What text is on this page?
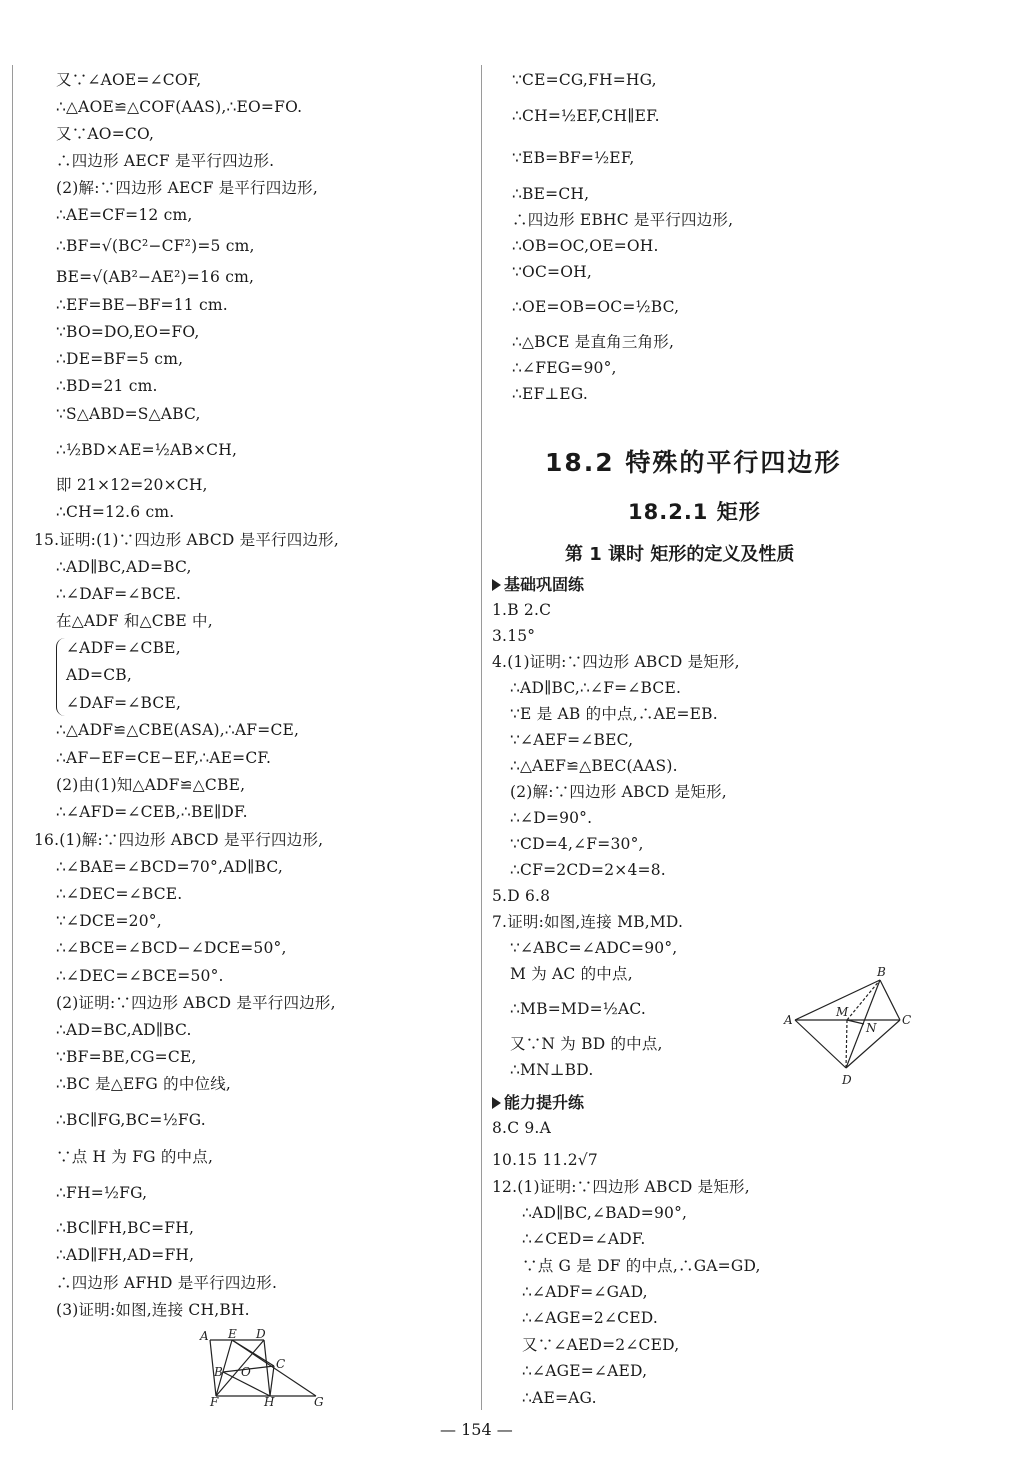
又∵∠AOE=∠COF,
∴△AOE≌△COF(AAS),∴EO=FO.
又∵AO=CO,
∴四边形 AECF 是平行四边形.
(2)解:∵四边形 AECF 是平行四边形,
∴AE=CF=12 cm,
∴BF=√(BC²−CF²)=5 cm,
BE=√(AB²−AE²)=16 cm,
∴EF=BE−BF=11 cm.
∵BO=DO,EO=FO,
∴DE=BF=5 cm,
∴BD=21 cm.
∵S△ABD=S△ABC,
∴½BD×AE=½AB×CH,
即 21×12=20×CH,
∴CH=12.6 cm.
15.证明:(1)∵四边形 ABCD 是平行四边形,
∴AD∥BC,AD=BC,
∴∠DAF=∠BCE.
在△ADF 和△CBE 中,
∠ADF=∠CBE,
AD=CB,
∠DAF=∠BCE,
∴△ADF≌△CBE(ASA),∴AF=CE,
∴AF−EF=CE−EF,∴AE=CF.
(2)由(1)知△ADF≌△CBE,
∴∠AFD=∠CEB,∴BE∥DF.
16.(1)解:∵四边形 ABCD 是平行四边形,
∴∠BAE=∠BCD=70°,AD∥BC,
∴∠DEC=∠BCE.
∵∠DCE=20°,
∴∠BCE=∠BCD−∠DCE=50°,
∴∠DEC=∠BCE=50°.
(2)证明:∵四边形 ABCD 是平行四边形,
∴AD=BC,AD∥BC.
∵BF=BE,CG=CE,
∴BC 是△EFG 的中位线,
∴BC∥FG,BC=½FG.
∵点 H 为 FG 的中点,
∴FH=½FG,
∴BC∥FH,BC=FH,
∴AD∥FH,AD=FH,
∴四边形 AFHD 是平行四边形.
(3)证明:如图,连接 CH,BH.
A E D
C
B O
F	H	G
∵CE=CG,FH=HG,
∴CH=½EF,CH∥EF.
∵EB=BF=½EF,
∴BE=CH,
∴四边形 EBHC 是平行四边形,
∴OB=OC,OE=OH.
∵OC=OH,
∴OE=OB=OC=½BC,
∴△BCE 是直角三角形,
∴∠FEG=90°,
∴EF⊥EG.
18.2 特殊的平行四边形
18.2.1 矩形
第 1 课时 矩形的定义及性质
基础巩固练
1.B 2.C
3.15°
4.(1)证明:∵四边形 ABCD 是矩形,
∴AD∥BC,∴∠F=∠BCE.
∵E 是 AB 的中点,∴AE=EB.
∵∠AEF=∠BEC,
∴△AEF≌△BEC(AAS).
(2)解:∵四边形 ABCD 是矩形,
∴∠D=90°.
∵CD=4,∠F=30°,
∴CF=2CD=2×4=8.
5.D 6.8
7.证明:如图,连接 MB,MD.
∵∠ABC=∠ADC=90°,
M 为 AC 的中点,
∴MB=MD=½AC.
又∵N 为 BD 的中点,
∴MN⊥BD.
B
A
M
N
C
D
能力提升练
8.C 9.A
10.15 11.2√7
12.(1)证明:∵四边形 ABCD 是矩形,
∴AD∥BC,∠BAD=90°,
∴∠CED=∠ADF.
∵点 G 是 DF 的中点,∴GA=GD,
∴∠ADF=∠GAD,
∴∠AGE=2∠CED.
又∵∠AED=2∠CED,
∴∠AGE=∠AED,
∴AE=AG.
— 154 —
